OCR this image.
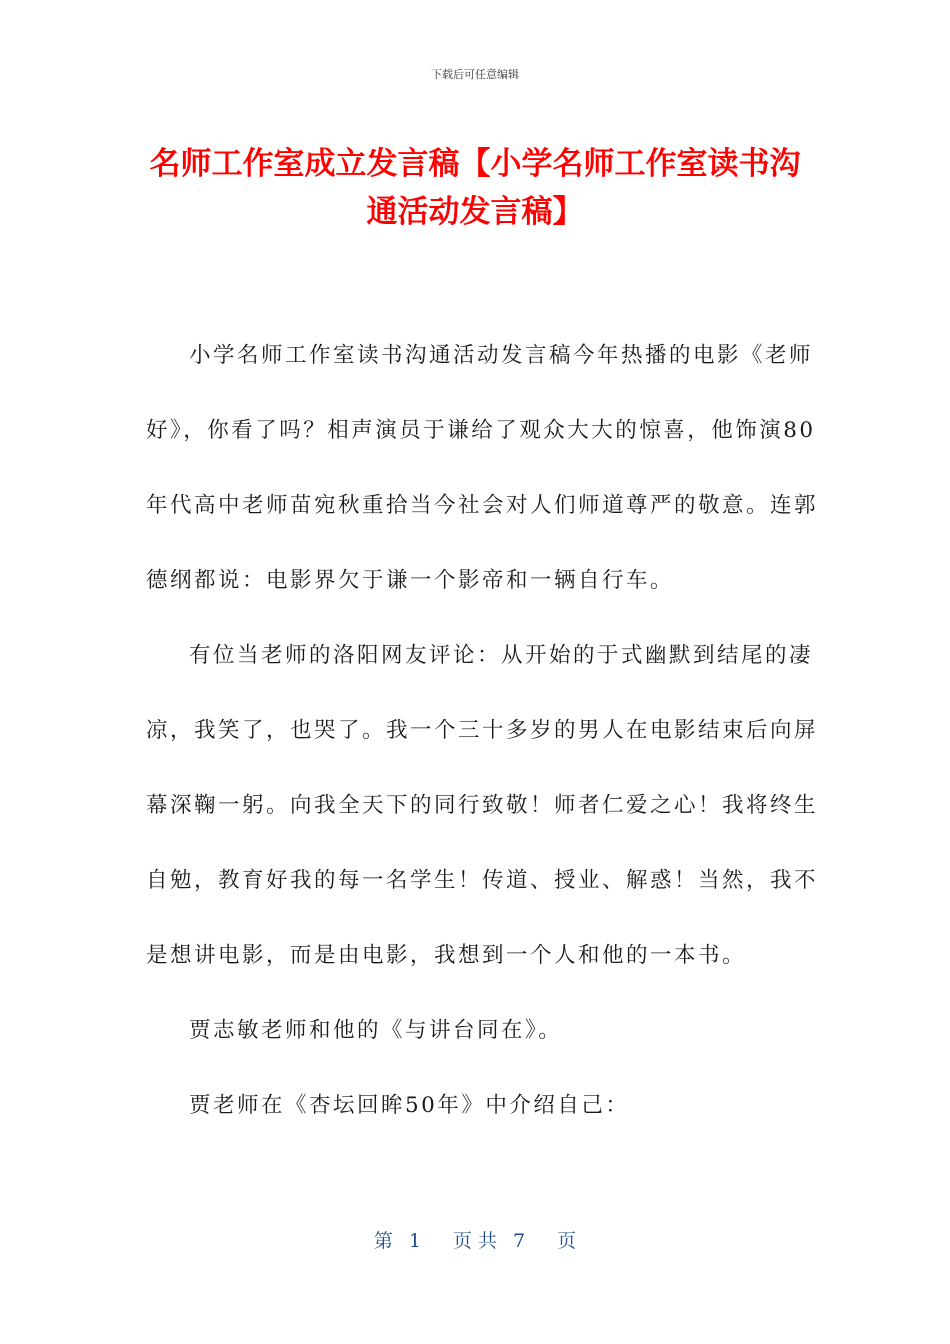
下载后可任意编辑
名师工作室成立发言稿【小学名师工作室读书沟通活动发言稿】

小学名师工作室读书沟通活动发言稿今年热播的电影《老师好》，你看了吗？相声演员于谦给了观众大大的惊喜，他饰演80年代高中老师苗宛秋重拾当今社会对人们师道尊严的敬意。连郭德纲都说：电影界欠于谦一个影帝和一辆自行车。

有位当老师的洛阳网友评论：从开始的于式幽默到结尾的凄凉，我笑了，也哭了。我一个三十多岁的男人在电影结束后向屏幕深鞠一躬。向我全天下的同行致敬！师者仁爱之心！我将终生自勉，教育好我的每一名学生！传道、授业、解惑！当然，我不是想讲电影，而是由电影，我想到一个人和他的一本书。

贾志敏老师和他的《与讲台同在》。

贾老师在《杏坛回眸50年》中介绍自己：

第 1 页 共 7 页
